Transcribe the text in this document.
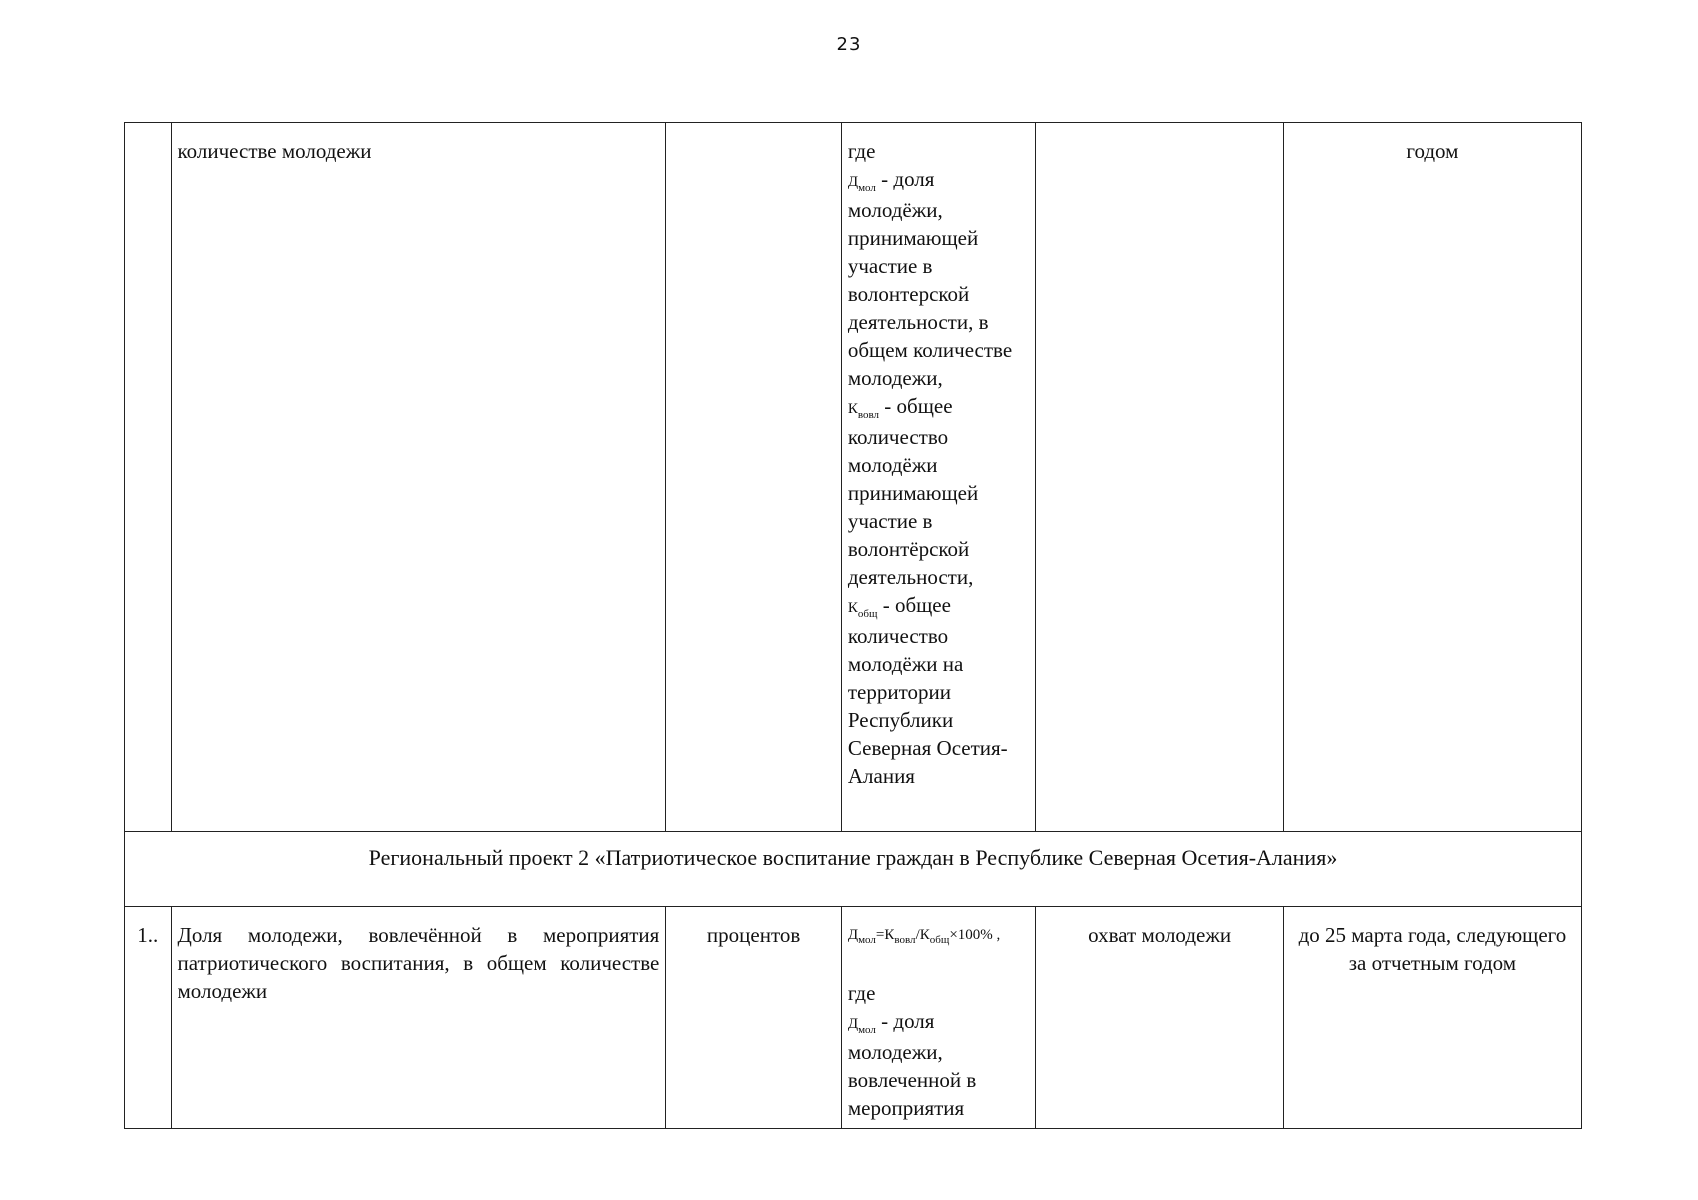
23
	количестве молодежи		где
$Д_{мол}$ - доля молодёжи, принимающей участие в волонтерской деятельности, в общем количестве молодежи,
$К_{вовл}$ - общее количество молодёжи принимающей участие в волонтёрской деятельности,
$К_{общ}$ - общее количество молодёжи на территории Республики Северная Осетия-Алания		годом
Региональный проект 2 «Патриотическое воспитание граждан в Республике Северная Осетия-Алания»					
1..	Доля молодежи, вовлечённой в мероприятия патриотического воспитания, в общем количестве молодежи	процентов	$Д_{мол}=К_{вовл}/К_{общ}\times 100\%$ ,
где
$Д_{мол}$ - доля молодежи, вовлеченной в мероприятия	охват молодежи	до 25 марта года, следующего за отчетным годом
